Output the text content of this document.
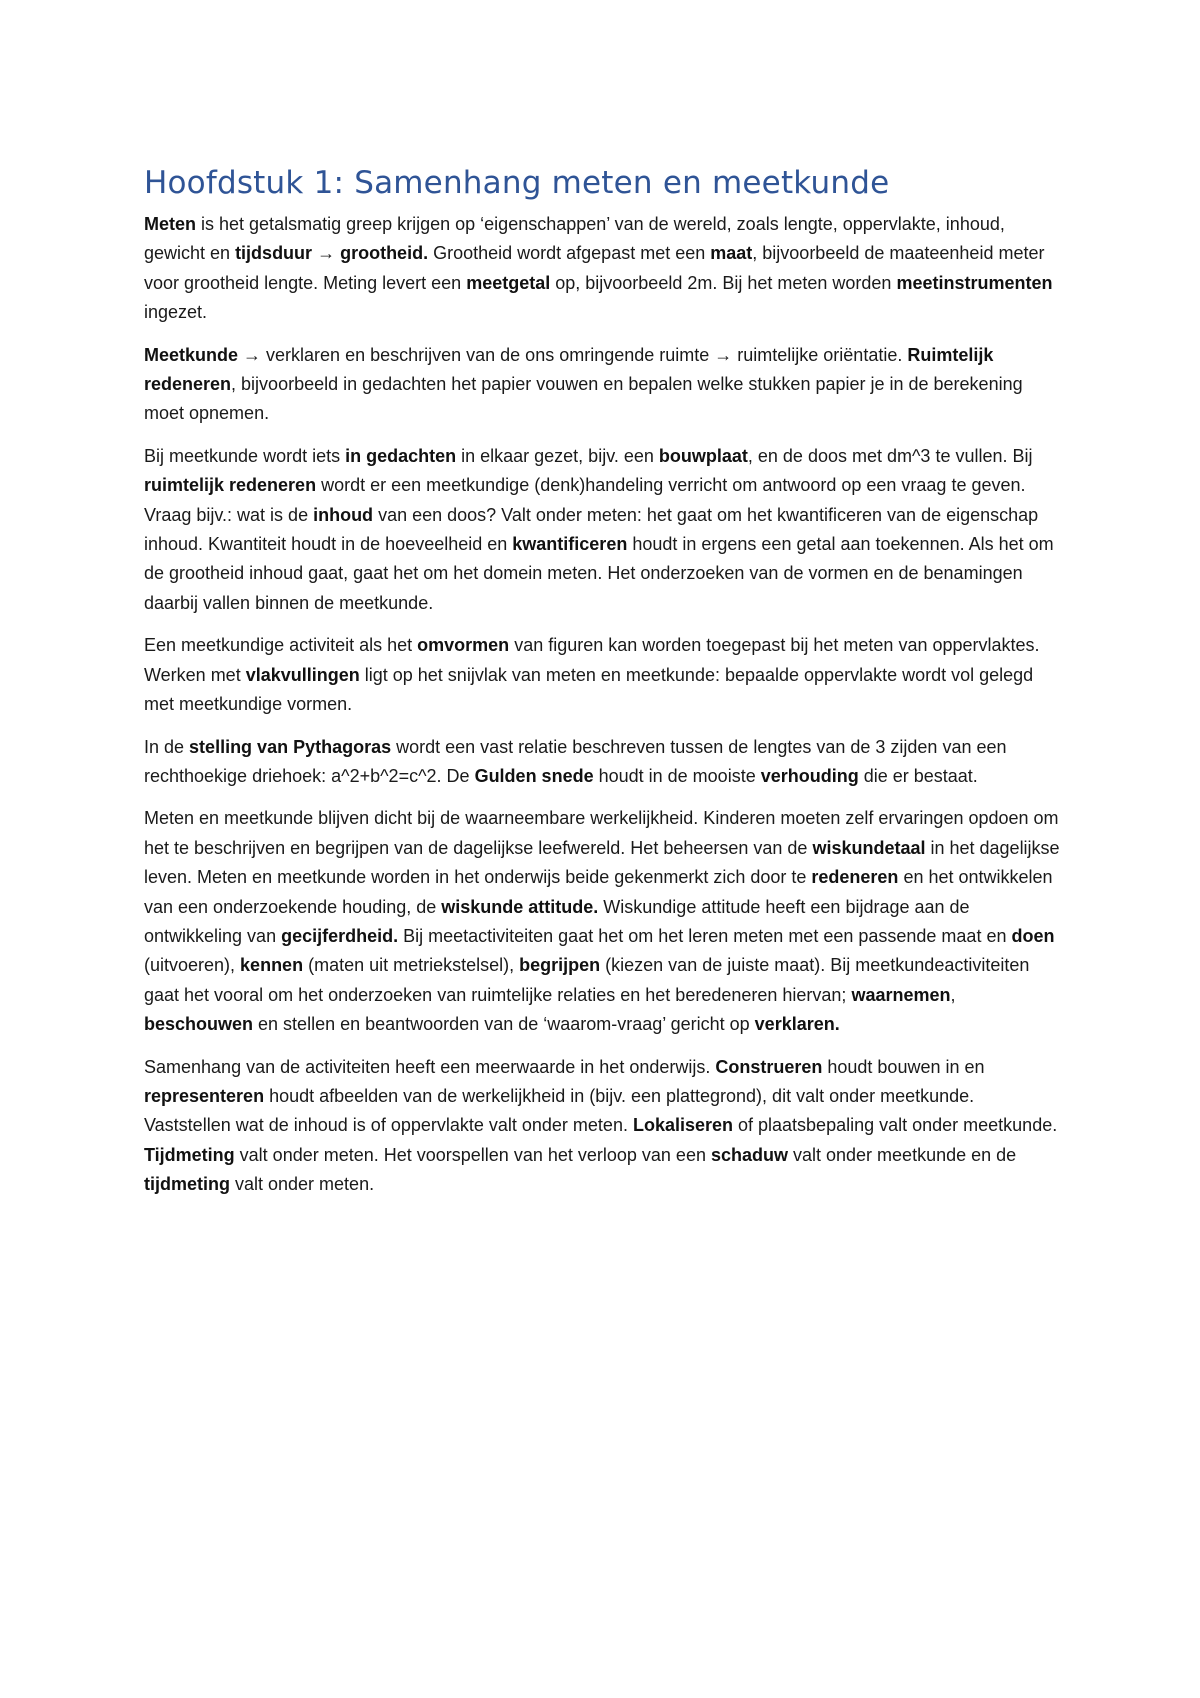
Hoofdstuk 1: Samenhang meten en meetkunde

Meten is het getalsmatig greep krijgen op ‘eigenschappen’ van de wereld, zoals lengte, oppervlakte, inhoud, gewicht en tijdsduur → grootheid. Grootheid wordt afgepast met een maat, bijvoorbeeld de maateenheid meter voor grootheid lengte. Meting levert een meetgetal op, bijvoorbeeld 2m. Bij het meten worden meetinstrumenten ingezet.

Meetkunde → verklaren en beschrijven van de ons omringende ruimte → ruimtelijke oriëntatie. Ruimtelijk redeneren, bijvoorbeeld in gedachten het papier vouwen en bepalen welke stukken papier je in de berekening moet opnemen.

Bij meetkunde wordt iets in gedachten in elkaar gezet, bijv. een bouwplaat, en de doos met dm^3 te vullen. Bij ruimtelijk redeneren wordt er een meetkundige (denk)handeling verricht om antwoord op een vraag te geven. Vraag bijv.: wat is de inhoud van een doos? Valt onder meten: het gaat om het kwantificeren van de eigenschap inhoud. Kwantiteit houdt in de hoeveelheid en kwantificeren houdt in ergens een getal aan toekennen. Als het om de grootheid inhoud gaat, gaat het om het domein meten. Het onderzoeken van de vormen en de benamingen daarbij vallen binnen de meetkunde.

Een meetkundige activiteit als het omvormen van figuren kan worden toegepast bij het meten van oppervlaktes. Werken met vlakvullingen ligt op het snijvlak van meten en meetkunde: bepaalde oppervlakte wordt vol gelegd met meetkundige vormen.

In de stelling van Pythagoras wordt een vast relatie beschreven tussen de lengtes van de 3 zijden van een rechthoekige driehoek: a^2+b^2=c^2. De Gulden snede houdt in de mooiste verhouding die er bestaat.

Meten en meetkunde blijven dicht bij de waarneembare werkelijkheid. Kinderen moeten zelf ervaringen opdoen om het te beschrijven en begrijpen van de dagelijkse leefwereld. Het beheersen van de wiskundetaal in het dagelijkse leven. Meten en meetkunde worden in het onderwijs beide gekenmerkt zich door te redeneren en het ontwikkelen van een onderzoekende houding, de wiskunde attitude. Wiskundige attitude heeft een bijdrage aan de ontwikkeling van gecijferdheid. Bij meetactiviteiten gaat het om het leren meten met een passende maat en doen (uitvoeren), kennen (maten uit metriekstelsel), begrijpen (kiezen van de juiste maat). Bij meetkundeactiviteiten gaat het vooral om het onderzoeken van ruimtelijke relaties en het beredeneren hiervan; waarnemen, beschouwen en stellen en beantwoorden van de ‘waarom-vraag’ gericht op verklaren.

Samenhang van de activiteiten heeft een meerwaarde in het onderwijs. Construeren houdt bouwen in en representeren houdt afbeelden van de werkelijkheid in (bijv. een plattegrond), dit valt onder meetkunde. Vaststellen wat de inhoud is of oppervlakte valt onder meten. Lokaliseren of plaatsbepaling valt onder meetkunde. Tijdmeting valt onder meten. Het voorspellen van het verloop van een schaduw valt onder meetkunde en de tijdmeting valt onder meten.
